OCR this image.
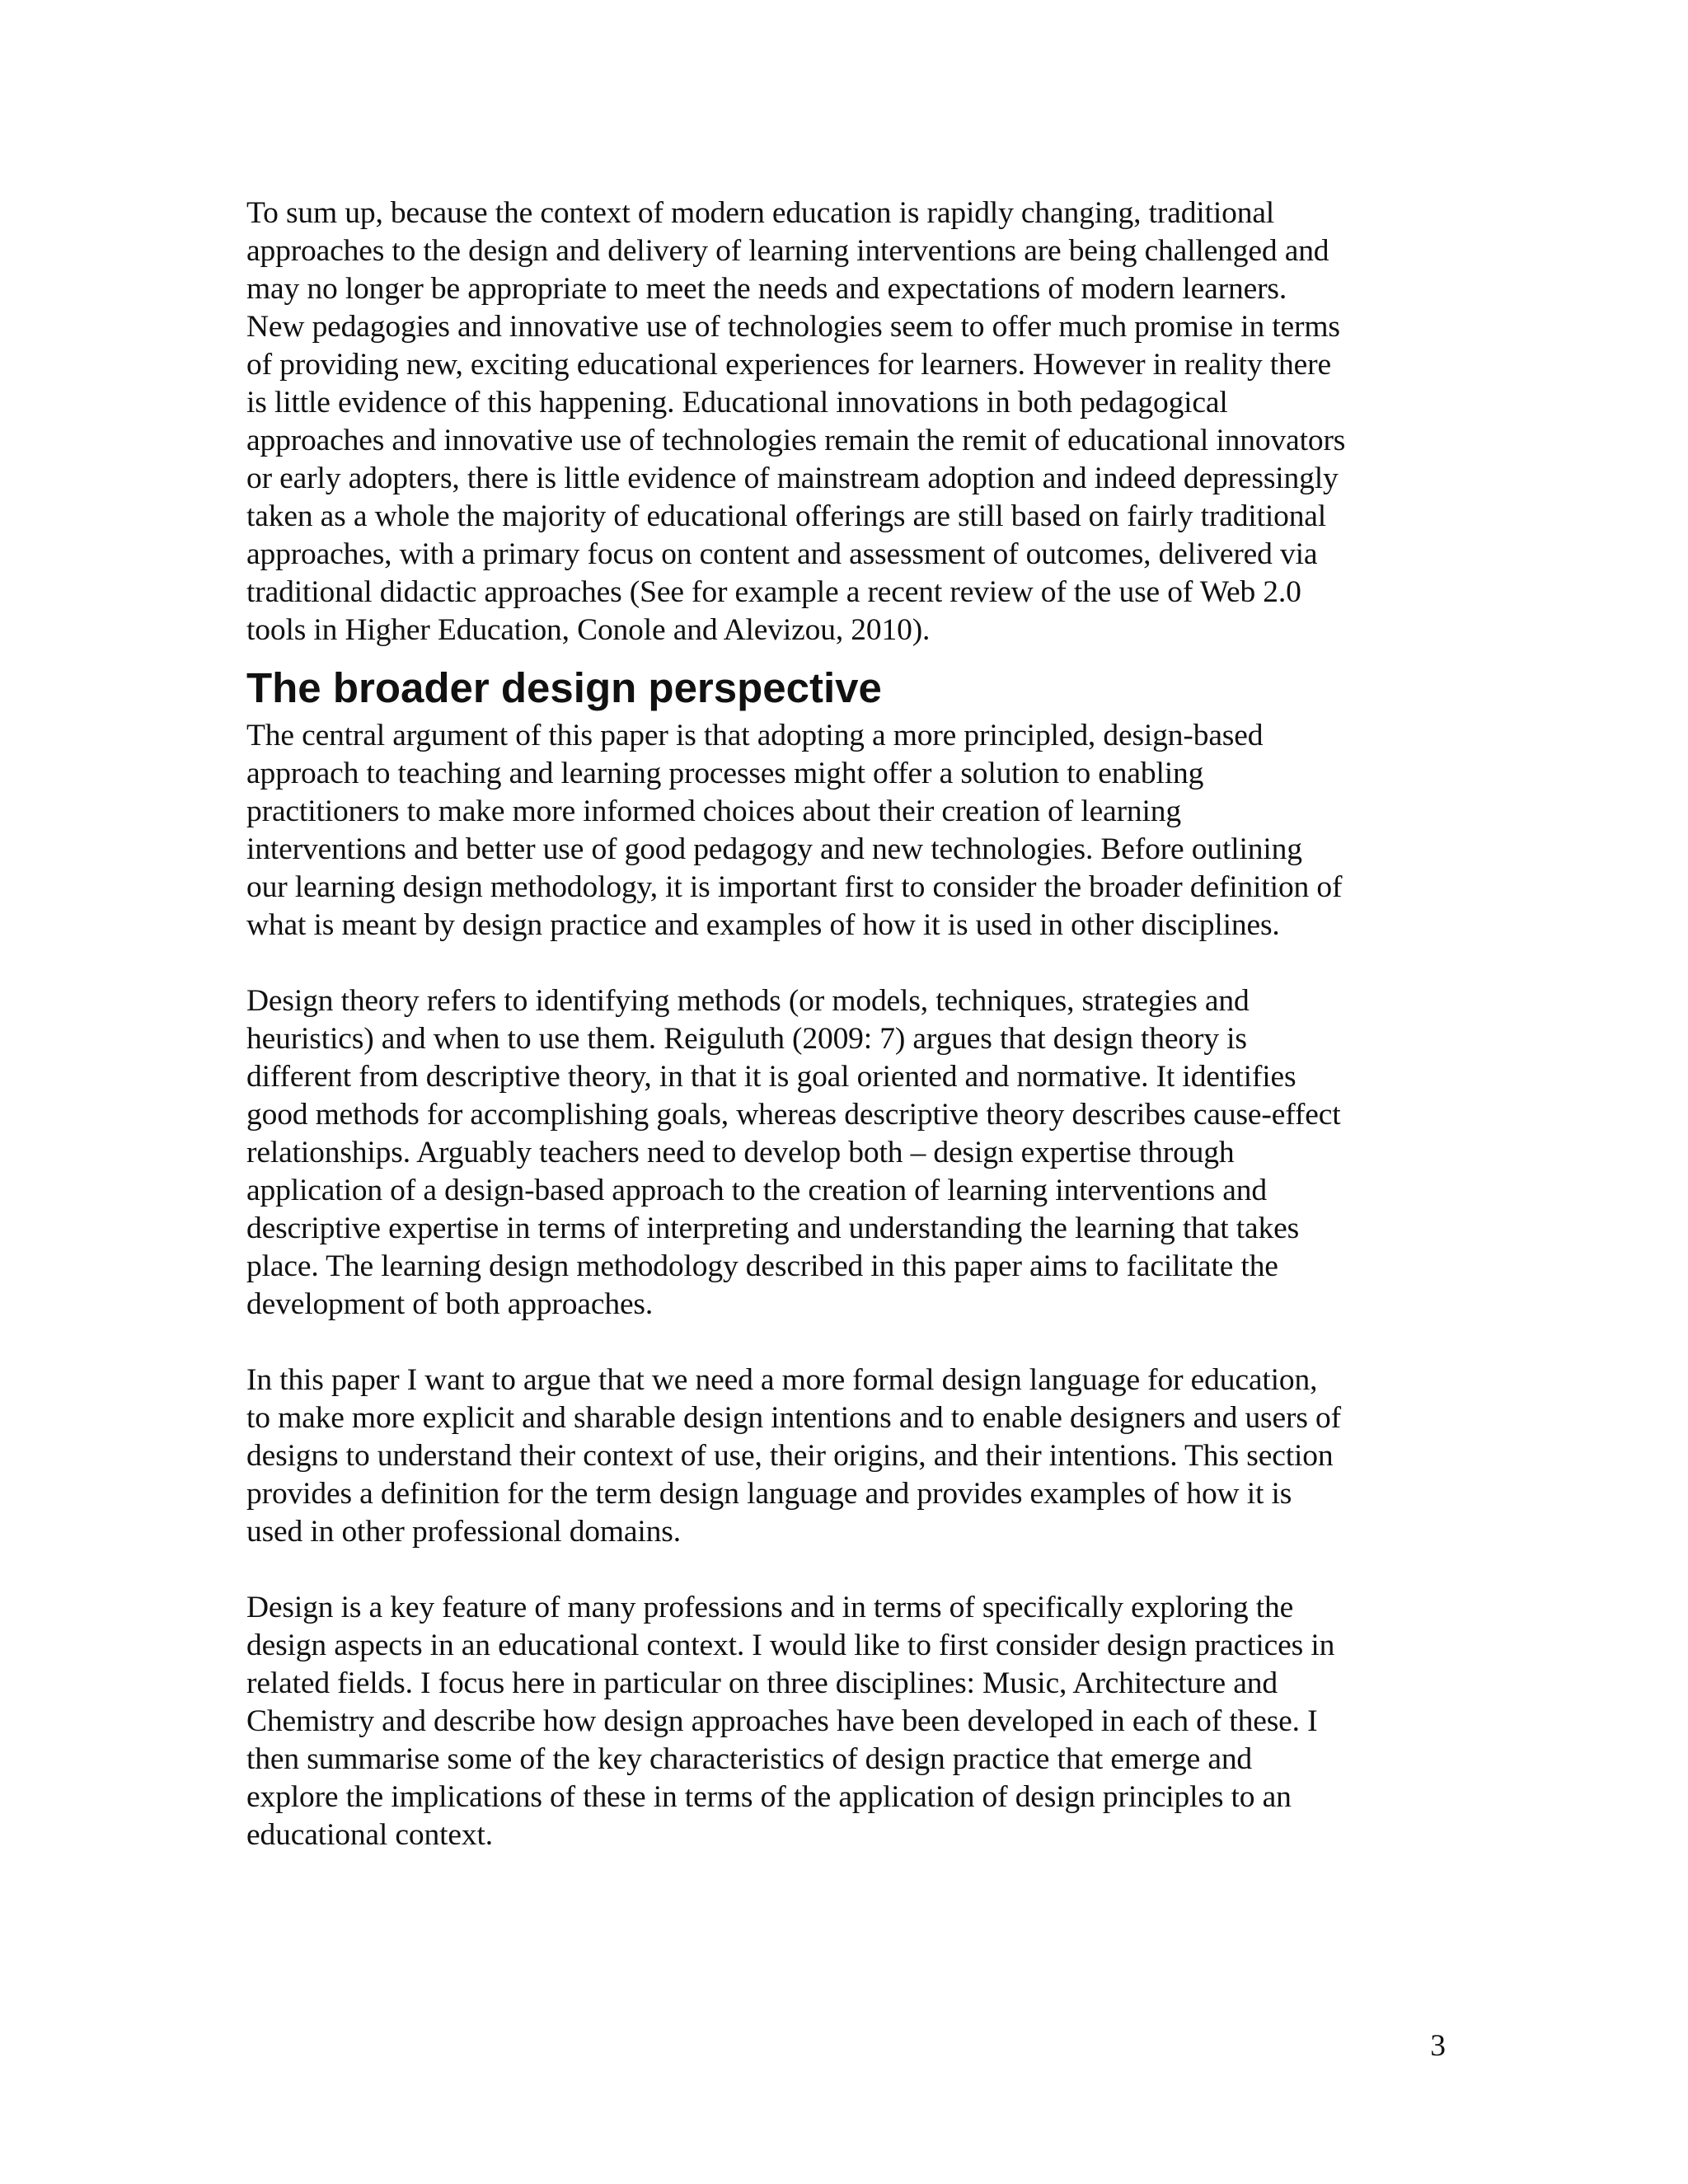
To sum up, because the context of modern education is rapidly changing, traditional
approaches to the design and delivery of learning interventions are being challenged and
may no longer be appropriate to meet the needs and expectations of modern learners.
New pedagogies and innovative use of technologies seem to offer much promise in terms
of providing new, exciting educational experiences for learners. However in reality there
is little evidence of this happening. Educational innovations in both pedagogical
approaches and innovative use of technologies remain the remit of educational innovators
or early adopters, there is little evidence of mainstream adoption and indeed depressingly
taken as a whole the majority of educational offerings are still based on fairly traditional
approaches, with a primary focus on content and assessment of outcomes, delivered via
traditional didactic approaches (See for example a recent review of the use of Web 2.0
tools in Higher Education, Conole and Alevizou, 2010).

The broader design perspective

The central argument of this paper is that adopting a more principled, design-based
approach to teaching and learning processes might offer a solution to enabling
practitioners to make more informed choices about their creation of learning
interventions and better use of good pedagogy and new technologies. Before outlining
our learning design methodology, it is important first to consider the broader definition of
what is meant by design practice and examples of how it is used in other disciplines.

Design theory refers to identifying methods (or models, techniques, strategies and
heuristics) and when to use them. Reiguluth (2009: 7) argues that design theory is
different from descriptive theory, in that it is goal oriented and normative. It identifies
good methods for accomplishing goals, whereas descriptive theory describes cause-effect
relationships. Arguably teachers need to develop both – design expertise through
application of a design-based approach to the creation of learning interventions and
descriptive expertise in terms of interpreting and understanding the learning that takes
place. The learning design methodology described in this paper aims to facilitate the
development of both approaches.

In this paper I want to argue that we need a more formal design language for education,
to make more explicit and sharable design intentions and to enable designers and users of
designs to understand their context of use, their origins, and their intentions. This section
provides a definition for the term design language and provides examples of how it is
used in other professional domains.

Design is a key feature of many professions and in terms of specifically exploring the
design aspects in an educational context. I would like to first consider design practices in
related fields. I focus here in particular on three disciplines: Music, Architecture and
Chemistry and describe how design approaches have been developed in each of these. I
then summarise some of the key characteristics of design practice that emerge and
explore the implications of these in terms of the application of design principles to an
educational context.

3
